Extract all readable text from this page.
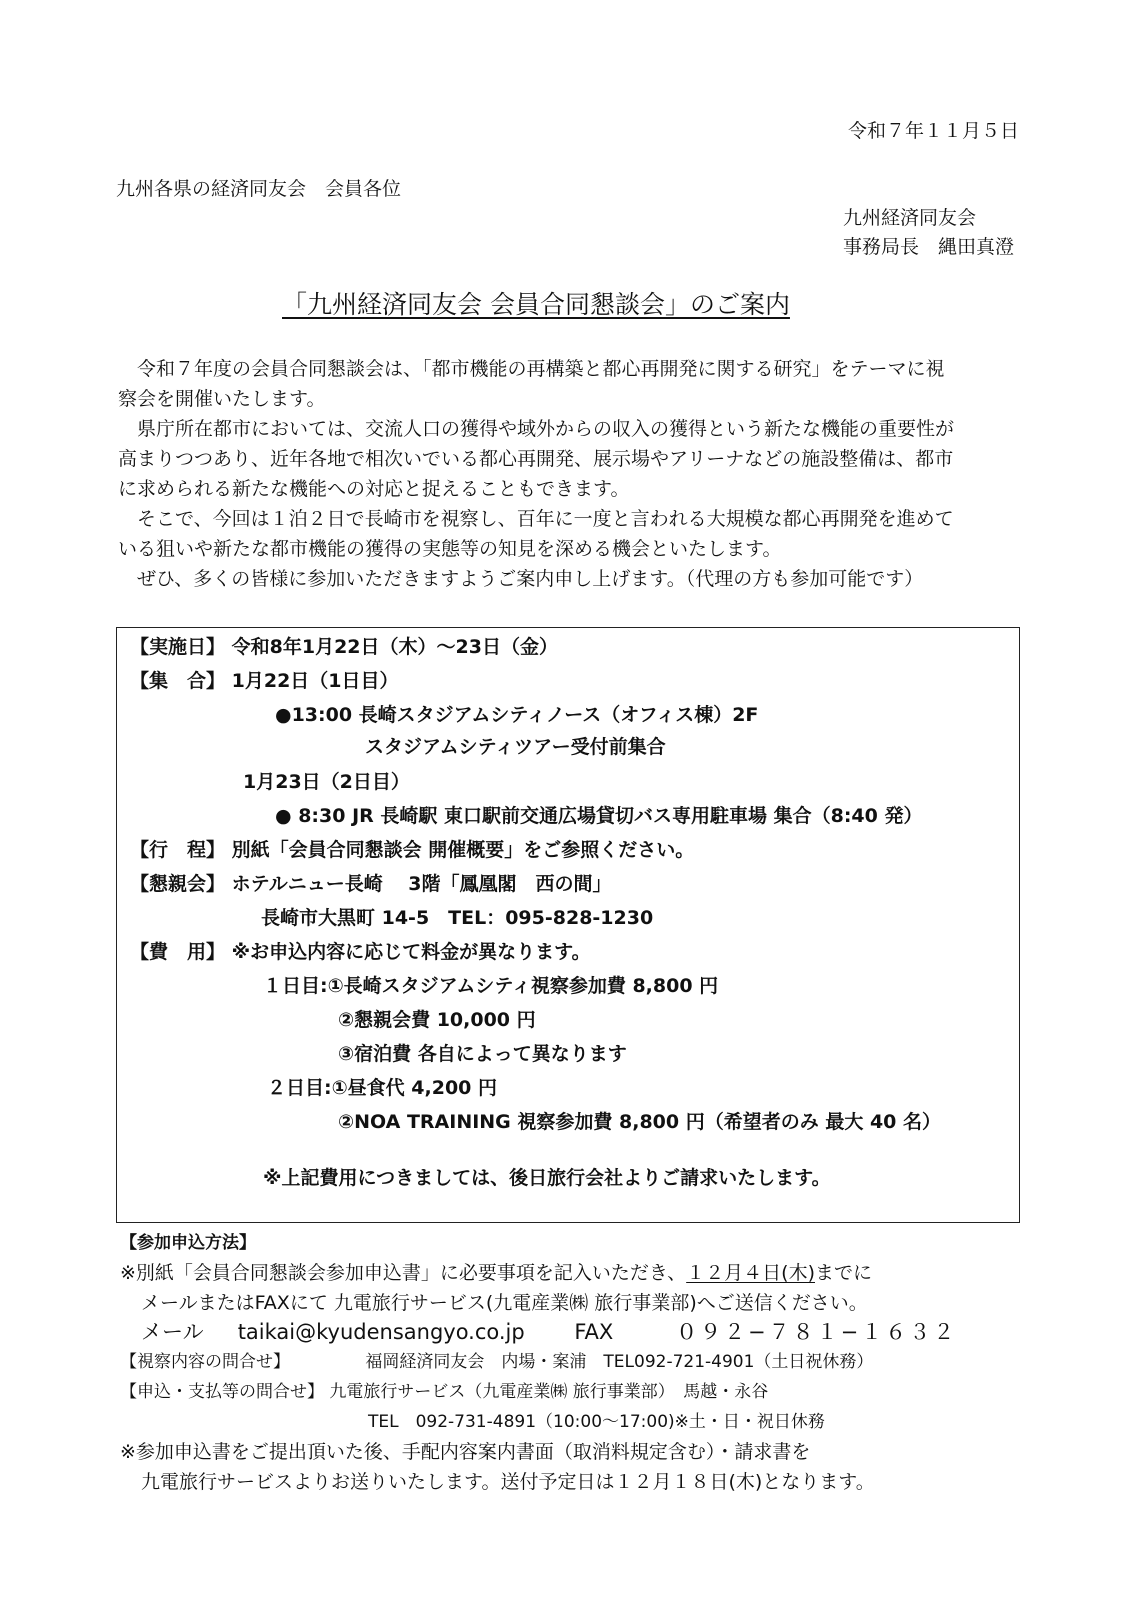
令和７年１１月５日
九州各県の経済同友会　会員各位
九州経済同友会
事務局長　縄田真澄
「九州経済同友会 会員合同懇談会」のご案内
令和７年度の会員合同懇談会は、「都市機能の再構築と都心再開発に関する研究」をテーマに視
察会を開催いたします。
県庁所在都市においては、交流人口の獲得や域外からの収入の獲得という新たな機能の重要性が
高まりつつあり、近年各地で相次いでいる都心再開発、展示場やアリーナなどの施設整備は、都市
に求められる新たな機能への対応と捉えることもできます。
そこで、今回は１泊２日で長崎市を視察し、百年に一度と言われる大規模な都心再開発を進めて
いる狙いや新たな都市機能の獲得の実態等の知見を深める機会といたします。
ぜひ、多くの皆様に参加いただきますようご案内申し上げます。（代理の方も参加可能です）
【実施日】 令和8年1月22日（木）～23日（金）
【集　合】 1月22日（1日目）
●13:00 長崎スタジアムシティノース（オフィス棟）2F
スタジアムシティツアー受付前集合
1月23日（2日目）
● 8:30 JR 長崎駅 東口駅前交通広場貸切バス専用駐車場 集合（8:40 発）
【行　程】 別紙「会員合同懇談会 開催概要」をご参照ください。
【懇親会】 ホテルニュー長崎　 3階「鳳凰閣　西の間」
長崎市大黒町 14-5　TEL：095-828-1230
【費　用】 ※お申込内容に応じて料金が異なります。
１日目:①長崎スタジアムシティ視察参加費 8,800 円
②懇親会費 10,000 円
③宿泊費 各自によって異なります
２日目:①昼食代 4,200 円
②NOA TRAINING 視察参加費 8,800 円（希望者のみ 最大 40 名）
※上記費用につきましては、後日旅行会社よりご請求いたします。
【参加申込方法】
※別紙「会員合同懇談会参加申込書」に必要事項を記入いただき、１２月４日(木)までに
メールまたはFAXにて 九電旅行サービス(九電産業㈱ 旅行事業部)へご送信ください。
メール taikai@kyudensangyo.co.jp FAX	０９２−７８１−１６３２
【視察内容の問合せ】	福岡経済同友会　内場・案浦　TEL092-721-4901（土日祝休務）
【申込・支払等の問合せ】 九電旅行サービス（九電産業㈱ 旅行事業部）　馬越・永谷
TEL　092-731-4891（10:00～17:00)※土・日・祝日休務
※参加申込書をご提出頂いた後、手配内容案内書面（取消料規定含む）・請求書を
九電旅行サービスよりお送りいたします。送付予定日は１２月１８日(木)となります。
